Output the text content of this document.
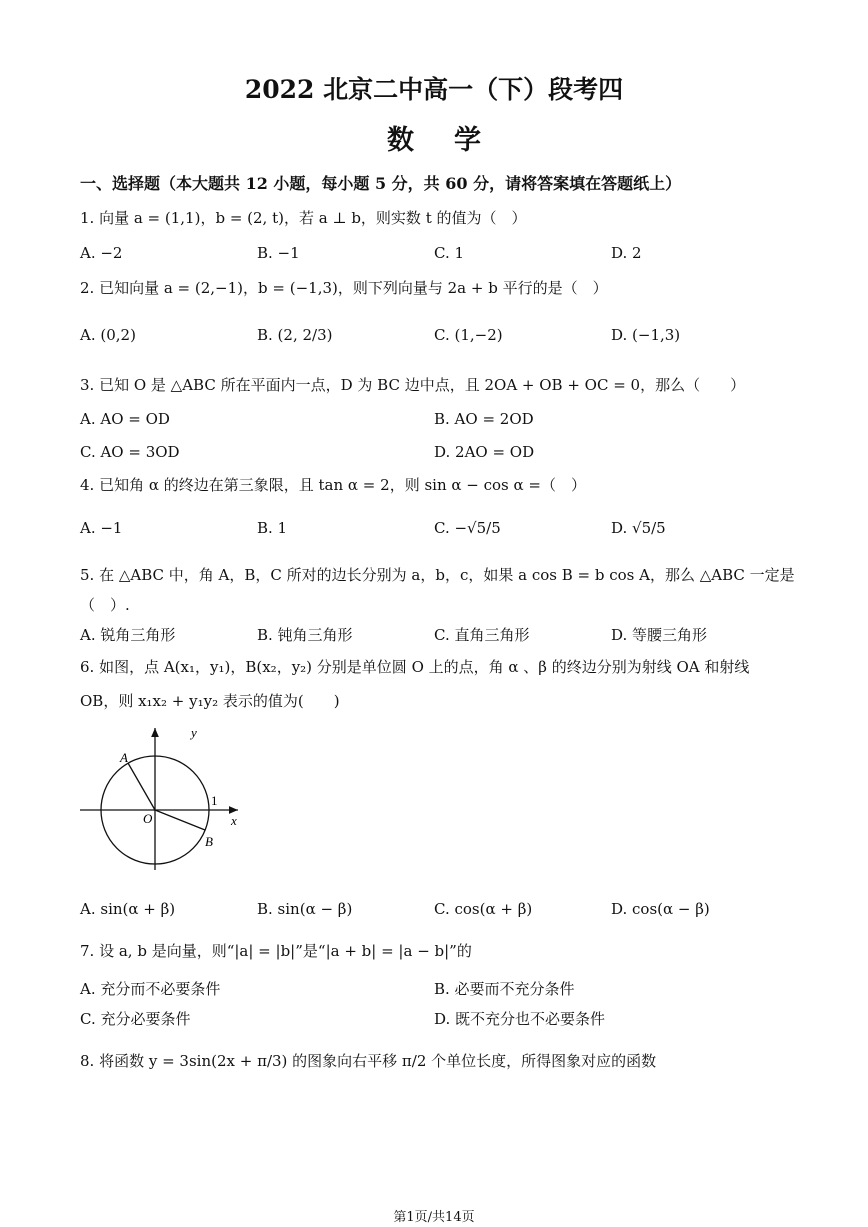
2022 北京二中高一（下）段考四
数学
一、选择题（本大题共 12 小题，每小题 5 分，共 60 分，请将答案填在答题纸上）
1. 向量 a = (1,1)，b = (2, t)，若 a ⊥ b，则实数 t 的值为（　）
A. −2	B. −1	C. 1	D. 2
2. 已知向量 a = (2,−1)，b = (−1,3)，则下列向量与 2a + b 平行的是（　）
A. (0,2)	B. (2, 2/3)	C. (1,−2)	D. (−1,3)
3. 已知 O 是 △ABC 所在平面内一点，D 为 BC 边中点，且 2OA + OB + OC = 0，那么（　　）
A. AO = OD	B. AO = 2OD
C. AO = 3OD	D. 2AO = OD
4. 已知角 α 的终边在第三象限，且 tan α = 2，则 sin α − cos α =（　）
A. −1	B. 1	C. −√5/5	D. √5/5
5. 在 △ABC 中，角 A，B，C 所对的边长分别为 a，b，c，如果 a cos B = b cos A，那么 △ABC 一定是
（　）.
A. 锐角三角形	B. 钝角三角形	C. 直角三角形	D. 等腰三角形
6. 如图，点 A(x₁，y₁)，B(x₂，y₂) 分别是单位圆 O 上的点，角 α 、β 的终边分别为射线 OA 和射线
OB，则 x₁x₂ + y₁y₂ 表示的值为(　　)
y
x
A
B
O
1
A. sin(α + β)	B. sin(α − β)	C. cos(α + β)	D. cos(α − β)
7. 设 a, b 是向量，则“|a| = |b|”是“|a + b| = |a − b|”的
A. 充分而不必要条件	B. 必要而不充分条件
C. 充分必要条件	D. 既不充分也不必要条件
8. 将函数 y = 3sin(2x + π/3) 的图象向右平移 π/2 个单位长度，所得图象对应的函数
第1页/共14页
